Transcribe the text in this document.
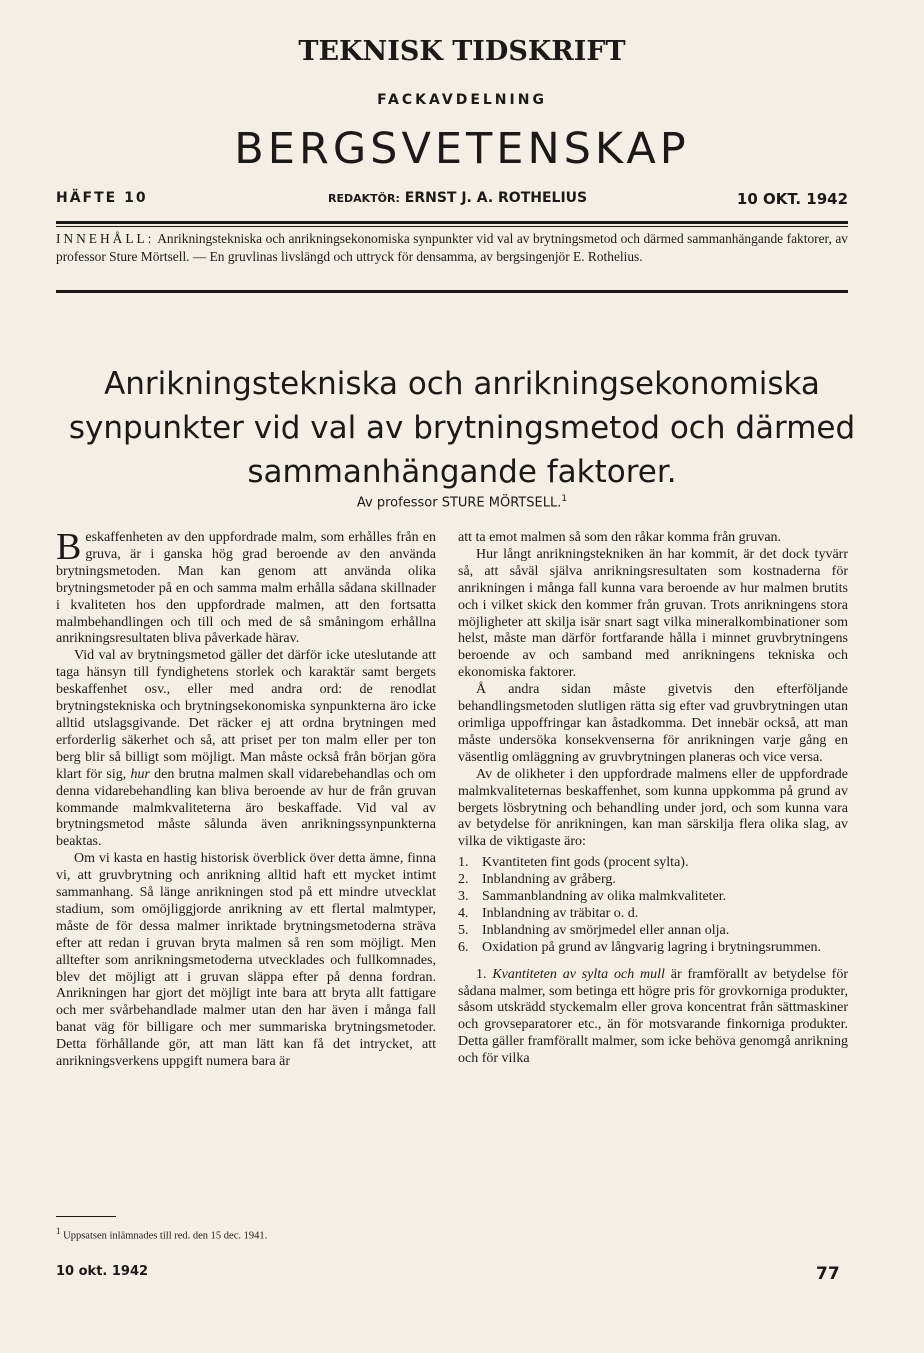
TEKNISK TIDSKRIFT
FACKAVDELNING
BERGSVETENSKAP
HÄFTE 10	REDAKTÖR: ERNST J. A. ROTHELIUS	10 OKT. 1942
INNEHÅLL: Anrikningstekniska och anrikningsekonomiska synpunkter vid val av brytningsmetod och därmed sammanhängande faktorer, av professor Sture Mörtsell. — En gruvlinas livslängd och uttryck för densamma, av bergsingenjör E. Rothelius.
Anrikningstekniska och anrikningsekonomiska synpunkter vid val av brytningsmetod och därmed sammanhängande faktorer.
Av professor STURE MÖRTSELL.$^1$

Beskaffenheten av den uppfordrade malm, som erhålles från en gruva, är i ganska hög grad beroende av den använda brytningsmetoden. Man kan genom att använda olika brytningsmetoder på en och samma malm erhålla sådana skillnader i kvaliteten hos den uppfordrade malmen, att den fortsatta malmbehandlingen och till och med de så småningom erhållna anrikningsresultaten bliva påverkade härav.

Vid val av brytningsmetod gäller det därför icke uteslutande att taga hänsyn till fyndighetens storlek och karaktär samt bergets beskaffenhet osv., eller med andra ord: de renodlat brytningstekniska och brytningsekonomiska synpunkterna äro icke alltid utslagsgivande. Det räcker ej att ordna brytningen med erforderlig säkerhet och så, att priset per ton malm eller per ton berg blir så billigt som möjligt. Man måste också från början göra klart för sig, hur den brutna malmen skall vidarebehandlas och om denna vidarebehandling kan bliva beroende av hur de från gruvan kommande malmkvaliteterna äro beskaffade. Vid val av brytningsmetod måste sålunda även anrikningssynpunkterna beaktas.

Om vi kasta en hastig historisk överblick över detta ämne, finna vi, att gruvbrytning och anrikning alltid haft ett mycket intimt sammanhang. Så länge anrikningen stod på ett mindre utvecklat stadium, som omöjliggjorde anrikning av ett flertal malmtyper, måste de för dessa malmer inriktade brytningsmetoderna sträva efter att redan i gruvan bryta malmen så ren som möjligt. Men alltefter som anrikningsmetoderna utvecklades och fullkomnades, blev det möjligt att i gruvan släppa efter på denna fordran. Anrikningen har gjort det möjligt inte bara att bryta allt fattigare och mer svårbehandlade malmer utan den har även i många fall banat väg för billigare och mer summariska brytningsmetoder. Detta förhållande gör, att man lätt kan få det intrycket, att anrikningsverkens uppgift numera bara är

$^1$ Uppsatsen inlämnades till red. den 15 dec. 1941.

att ta emot malmen så som den råkar komma från gruvan.

Hur långt anrikningstekniken än har kommit, är det dock tyvärr så, att såväl själva anrikningsresultaten som kostnaderna för anrikningen i många fall kunna vara beroende av hur malmen brutits och i vilket skick den kommer från gruvan. Trots anrikningens stora möjligheter att skilja isär snart sagt vilka mineralkombinationer som helst, måste man därför fortfarande hålla i minnet gruvbrytningens beroende av och samband med anrikningens tekniska och ekonomiska faktorer.

Å andra sidan måste givetvis den efterföljande behandlingsmetoden slutligen rätta sig efter vad gruvbrytningen utan orimliga uppoffringar kan åstadkomma. Det innebär också, att man måste undersöka konsekvenserna för anrikningen varje gång en väsentlig omläggning av gruvbrytningen planeras och vice versa.

Av de olikheter i den uppfordrade malmens eller de uppfordrade malmkvaliteternas beskaffenhet, som kunna uppkomma på grund av bergets lösbrytning och behandling under jord, och som kunna vara av betydelse för anrikningen, kan man särskilja flera olika slag, av vilka de viktigaste äro:

1. Kvantiteten fint gods (procent sylta).
2. Inblandning av gråberg.
3. Sammanblandning av olika malmkvaliteter.
4. Inblandning av träbitar o. d.
5. Inblandning av smörjmedel eller annan olja.
6. Oxidation på grund av långvarig lagring i brytningsrummen.

1. Kvantiteten av sylta och mull är framförallt av betydelse för sådana malmer, som betinga ett högre pris för grovkorniga produkter, såsom utskrädd styckemalm eller grova koncentrat från sättmaskiner och grovseparatorer etc., än för motsvarande finkorniga produkter. Detta gäller framförallt malmer, som icke behöva genomgå anrikning och för vilka

10 okt. 1942	77
